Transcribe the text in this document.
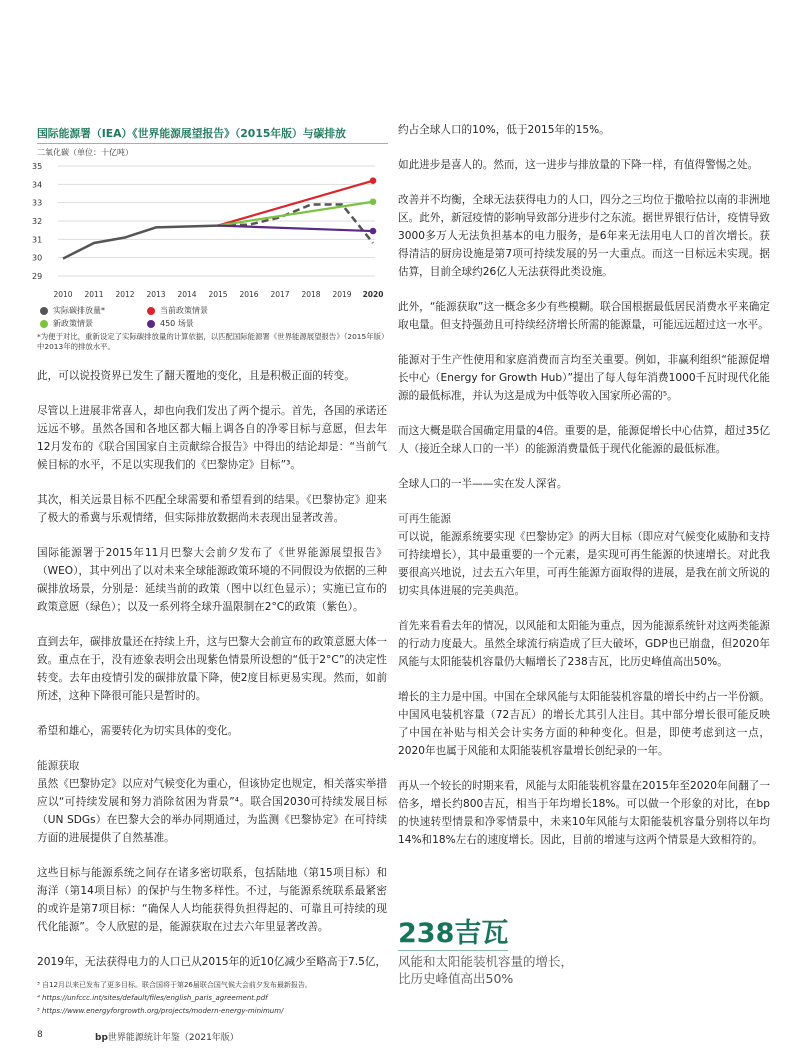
国际能源署（IEA）《世界能源展望报告》（2015年版）与碳排放
二氧化碳（单位：十亿吨）
29
30
31
32
33
34
35
2010 2011 2012 2013 2014 2015 2016 2017 2018 2019 2020
实际碳排放量*	当前政策情景
新政策情景	450 场景
*为便于对比，重新设定了实际碳排放量的计算依据，以匹配国际能源署《世界能源展望报告》（2015年版）中2013年的排放水平。

此，可以说投资界已发生了翻天覆地的变化，且是积极正面的转变。

尽管以上进展非常喜人，却也向我们发出了两个提示。首先，各国的承诺还远远不够。虽然各国和各地区都大幅上调各自的净零目标与意愿，但去年12月发布的《联合国国家自主贡献综合报告》中得出的结论却是：“当前气候目标的水平，不足以实现我们的《巴黎协定》目标”³。

其次，相关远景目标不匹配全球需要和希望看到的结果。《巴黎协定》迎来了极大的希冀与乐观情绪，但实际排放数据尚未表现出显著改善。

国际能源署于2015年11月巴黎大会前夕发布了《世界能源展望报告》（WEO），其中列出了以对未来全球能源政策环境的不同假设为依据的三种碳排放场景，分别是：延续当前的政策（图中以红色显示）；实施已宣布的政策意愿（绿色）；以及一系列将全球升温限制在2°C的政策（紫色）。

直到去年，碳排放量还在持续上升，这与巴黎大会前宣布的政策意愿大体一致。重点在于，没有迹象表明会出现紫色情景所设想的“低于2°C”的决定性转变。去年由疫情引发的碳排放量下降，使2度目标更易实现。然而，如前所述，这种下降很可能只是暂时的。

希望和雄心，需要转化为切实具体的变化。

能源获取

虽然《巴黎协定》以应对气候变化为重心，但该协定也规定，相关落实举措应以“可持续发展和努力消除贫困为背景”⁴。联合国2030可持续发展目标（UN SDGs）在巴黎大会的举办同期通过，为监测《巴黎协定》在可持续方面的进展提供了自然基准。

这些目标与能源系统之间存在诸多密切联系，包括陆地（第15项目标）和海洋（第14项目标）的保护与生物多样性。不过，与能源系统联系最紧密的或许是第7项目标：“确保人人均能获得负担得起的、可靠且可持续的现代化能源”。令人欣慰的是，能源获取在过去六年里显著改善。

2019年，无法获得电力的人口已从2015年的近10亿减少至略高于7.5亿，

³ 自12月以来已发布了更多目标。联合国将于第26届联合国气候大会前夕发布最新报告。
⁴ https://unfccc.int/sites/default/files/english_paris_agreement.pdf
⁵ https://www.energyforgrowth.org/projects/modern-energy-minimum/
8	bp世界能源统计年鉴（2021年版）

约占全球人口的10%，低于2015年的15%。

如此进步是喜人的。然而，这一进步与排放量的下降一样，有值得警惕之处。

改善并不均衡，全球无法获得电力的人口，四分之三均位于撒哈拉以南的非洲地区。此外，新冠疫情的影响导致部分进步付之东流。据世界银行估计，疫情导致3000多万人无法负担基本的电力服务，是6年来无法用电人口的首次增长。获得清洁的厨房设施是第7项可持续发展的另一大重点。而这一目标远未实现。据估算，目前全球约26亿人无法获得此类设施。

此外，“能源获取”这一概念多少有些模糊。联合国根据最低居民消费水平来确定取电量。但支持强劲且可持续经济增长所需的能源量，可能远远超过这一水平。

能源对于生产性使用和家庭消费而言均至关重要。例如，非赢利组织“能源促增长中心（Energy for Growth Hub）”提出了每人每年消费1000千瓦时现代化能源的最低标准，并认为这是成为中低等收入国家所必需的⁵。

而这大概是联合国确定用量的4倍。重要的是，能源促增长中心估算，超过35亿人（接近全球人口的一半）的能源消费量低于现代化能源的最低标准。

全球人口的一半——实在发人深省。

可再生能源

可以说，能源系统要实现《巴黎协定》的两大目标（即应对气候变化威胁和支持可持续增长），其中最重要的一个元素，是实现可再生能源的快速增长。对此我要很高兴地说，过去五六年里，可再生能源方面取得的进展，是我在前文所说的切实具体进展的完美典范。

首先来看看去年的情况，以风能和太阳能为重点，因为能源系统针对这两类能源的行动力度最大。虽然全球流行病造成了巨大破坏，GDP也已崩盘，但2020年风能与太阳能装机容量仍大幅增长了238吉瓦，比历史峰值高出50%。

增长的主力是中国。中国在全球风能与太阳能装机容量的增长中约占一半份额。中国风电装机容量（72吉瓦）的增长尤其引人注目。其中部分增长很可能反映了中国在补贴与相关会计实务方面的种种变化。但是，即使考虑到这一点，2020年也属于风能和太阳能装机容量增长创纪录的一年。

再从一个较长的时期来看，风能与太阳能装机容量在2015年至2020年间翻了一倍多，增长约800吉瓦，相当于年均增长18%。可以做一个形象的对比，在bp的快速转型情景和净零情景中，未来10年风能与太阳能装机容量分别将以年均14%和18%左右的速度增长。因此，目前的增速与这两个情景是大致相符的。

238吉瓦
风能和太阳能装机容量的增长，
比历史峰值高出50%
